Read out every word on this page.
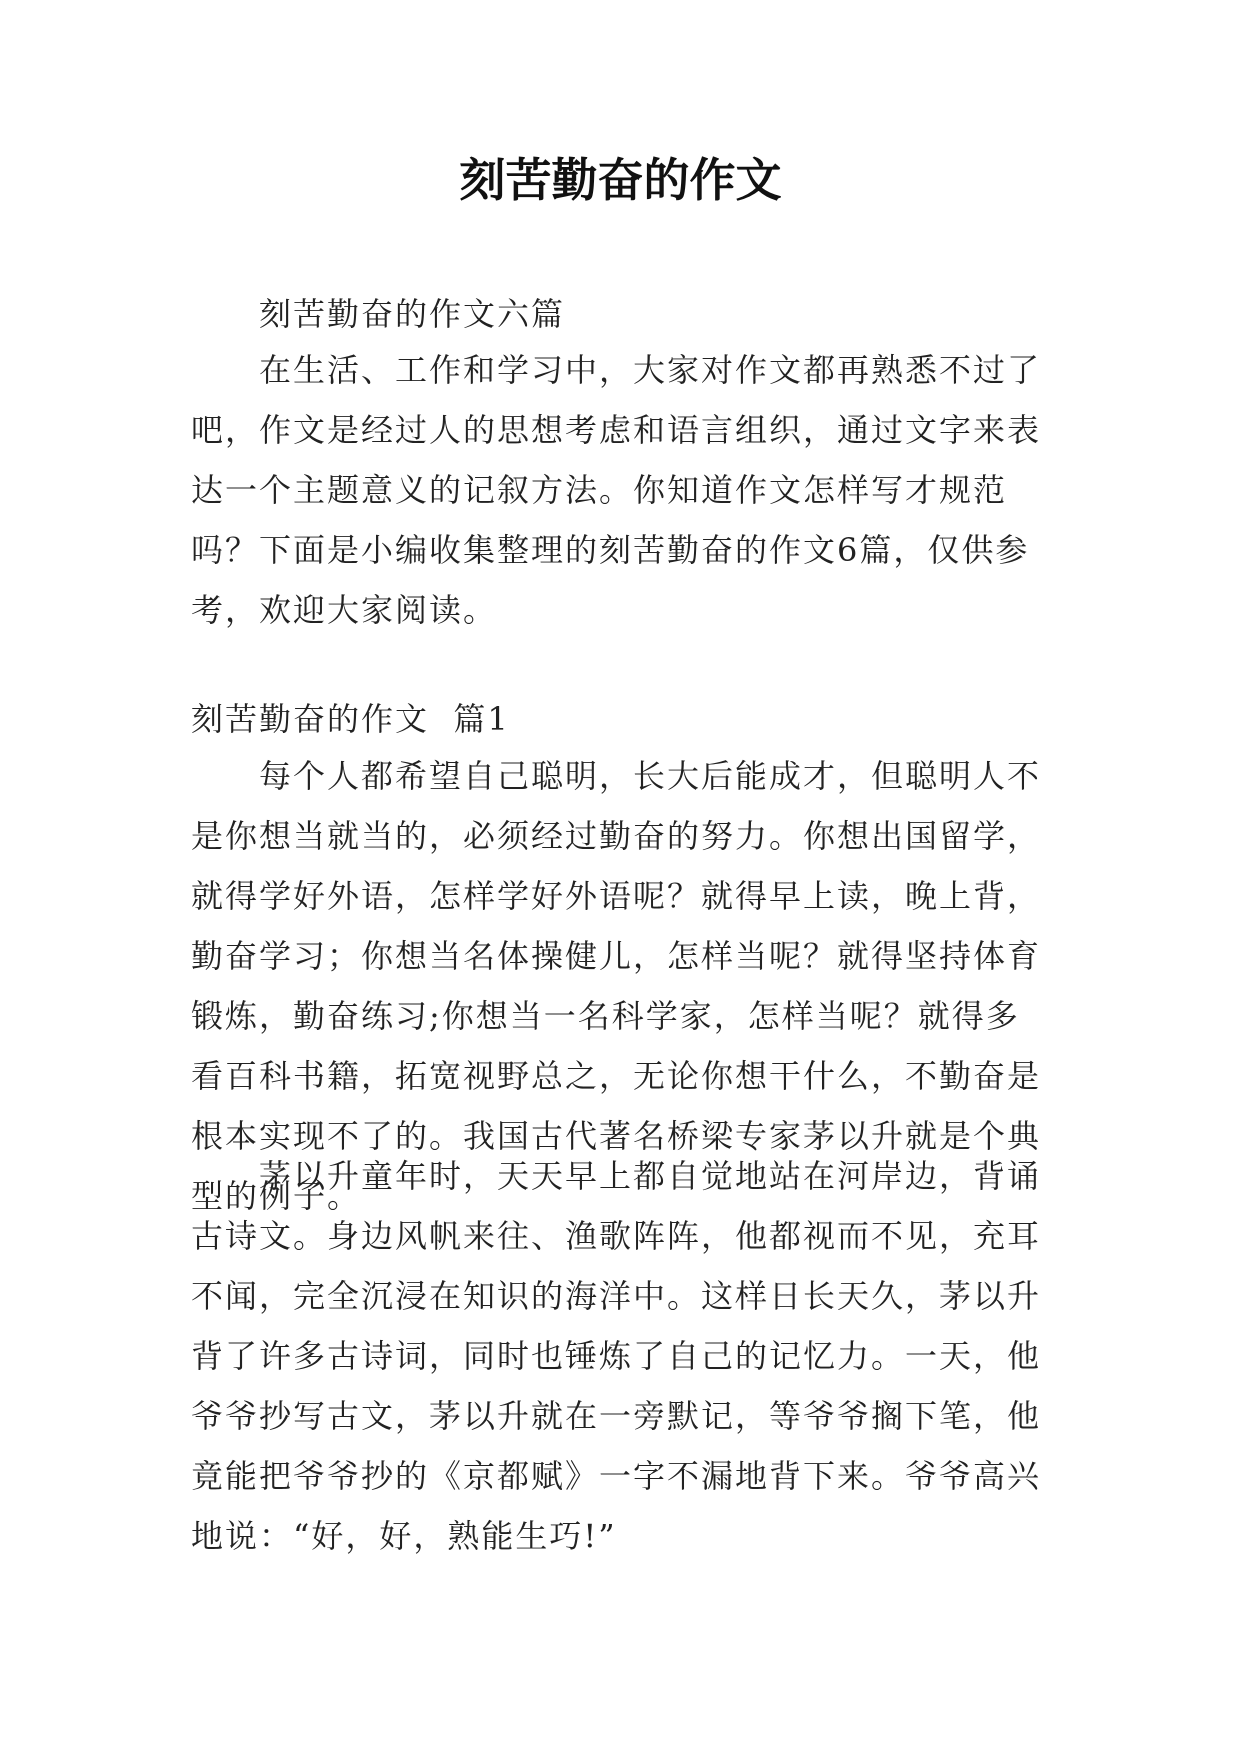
刻苦勤奋的作文

刻苦勤奋的作文六篇

在生活、工作和学习中，大家对作文都再熟悉不过了吧，作文是经过人的思想考虑和语言组织，通过文字来表达一个主题意义的记叙方法。你知道作文怎样写才规范吗？下面是小编收集整理的刻苦勤奋的作文6篇，仅供参考，欢迎大家阅读。

刻苦勤奋的作文  篇1

每个人都希望自己聪明，长大后能成才，但聪明人不是你想当就当的，必须经过勤奋的努力。你想出国留学，就得学好外语，怎样学好外语呢？就得早上读，晚上背，勤奋学习；你想当名体操健儿，怎样当呢？就得坚持体育锻炼，勤奋练习;你想当一名科学家，怎样当呢？就得多看百科书籍，拓宽视野总之，无论你想干什么，不勤奋是根本实现不了的。我国古代著名桥梁专家茅以升就是个典型的例子。

茅以升童年时，天天早上都自觉地站在河岸边，背诵古诗文。身边风帆来往、渔歌阵阵，他都视而不见，充耳不闻，完全沉浸在知识的海洋中。这样日长天久，茅以升背了许多古诗词，同时也锤炼了自己的记忆力。一天，他爷爷抄写古文，茅以升就在一旁默记，等爷爷搁下笔，他竟能把爷爷抄的《京都赋》一字不漏地背下来。爷爷高兴地说：“好，好，熟能生巧!”
